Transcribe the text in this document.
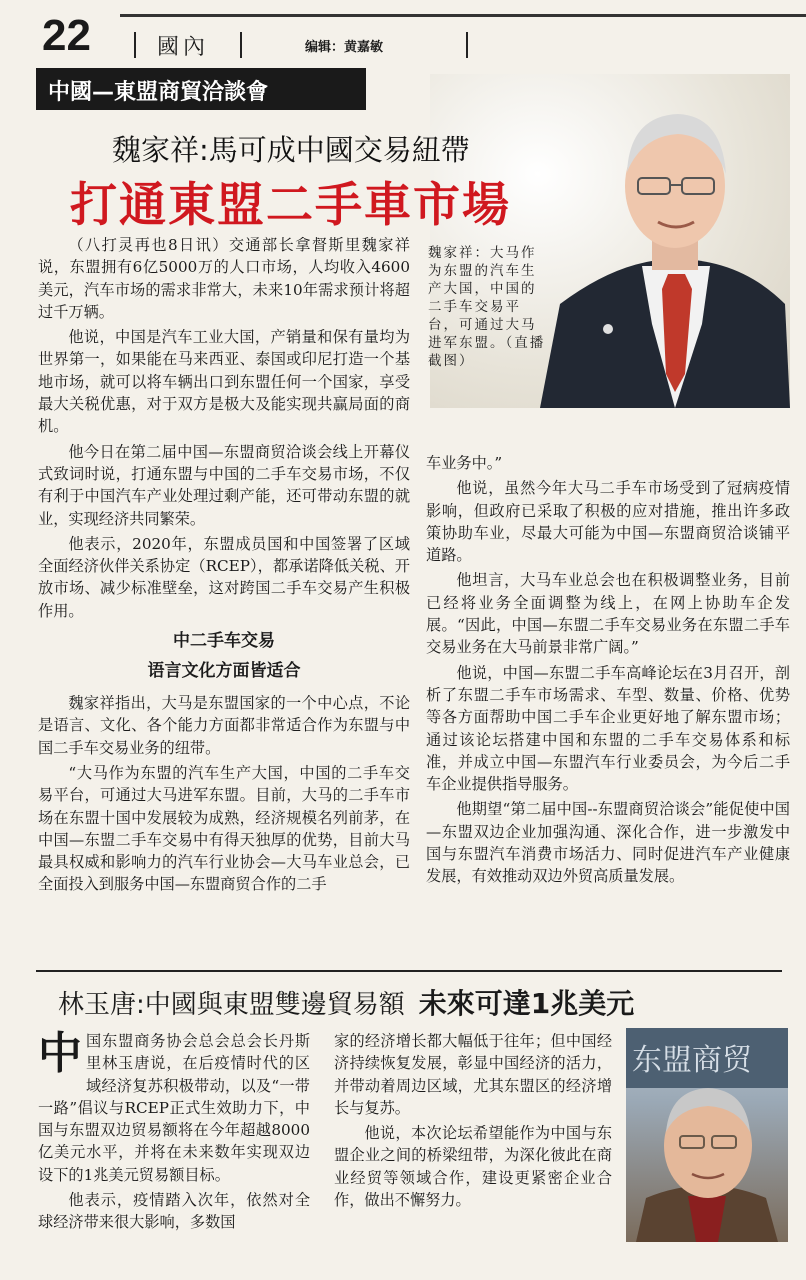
22	國內	编辑：黄嘉敏
中國—東盟商貿洽談會
魏家祥：大马作为东盟的汽车生产大国，中国的二手车交易平台，可通过大马进军东盟。（直播截图）
魏家祥:馬可成中國交易紐帶
打通東盟二手車市場

（八打灵再也8日讯）交通部长拿督斯里魏家祥说，东盟拥有6亿5000万的人口市场，人均收入4600美元，汽车市场的需求非常大，未来10年需求预计将超过千万辆。

他说，中国是汽车工业大国，产销量和保有量均为世界第一，如果能在马来西亚、泰国或印尼打造一个基地市场，就可以将车辆出口到东盟任何一个国家，享受最大关税优惠，对于双方是极大及能实现共赢局面的商机。

他今日在第二届中国—东盟商贸洽谈会线上开幕仪式致词时说，打通东盟与中国的二手车交易市场，不仅有利于中国汽车产业处理过剩产能，还可带动东盟的就业，实现经济共同繁荣。

他表示，2020年，东盟成员国和中国签署了区域全面经济伙伴关系协定（RCEP），都承诺降低关税、开放市场、减少标准壁垒，这对跨国二手车交易产生积极作用。

中二手车交易
语言文化方面皆适合

魏家祥指出，大马是东盟国家的一个中心点，不论是语言、文化、各个能力方面都非常适合作为东盟与中国二手车交易业务的纽带。

“大马作为东盟的汽车生产大国，中国的二手车交易平台，可通过大马进军东盟。目前，大马的二手车市场在东盟十国中发展较为成熟，经济规模名列前茅，在中国—东盟二手车交易中有得天独厚的优势，目前大马最具权威和影响力的汽车行业协会—大马车业总会，已全面投入到服务中国—东盟商贸合作的二手

车业务中。”

他说，虽然今年大马二手车市场受到了冠病疫情影响，但政府已采取了积极的应对措施，推出许多政策协助车业，尽最大可能为中国—东盟商贸洽谈铺平道路。

他坦言，大马车业总会也在积极调整业务，目前已经将业务全面调整为线上，在网上协助车企发展。“因此，中国—东盟二手车交易业务在东盟二手车交易业务在大马前景非常广阔。”

他说，中国—东盟二手车高峰论坛在3月召开，剖析了东盟二手车市场需求、车型、数量、价格、优势等各方面帮助中国二手车企业更好地了解东盟市场；通过该论坛搭建中国和东盟的二手车交易体系和标准，并成立中国—东盟汽车行业委员会，为今后二手车企业提供指导服务。

他期望“第二届中国--东盟商贸洽谈会”能促使中国—东盟双边企业加强沟通、深化合作，进一步激发中国与东盟汽车消费市场活力、同时促进汽车产业健康发展，有效推动双边外贸高质量发展。

林玉唐:中國與東盟雙邊貿易額 未來可達1兆美元

中国东盟商务协会总会总会长丹斯里林玉唐说，在后疫情时代的区域经济复苏积极带动，以及“一带一路”倡议与RCEP正式生效助力下，中国与东盟双边贸易额将在今年超越8000亿美元水平，并将在未来数年实现双边设下的1兆美元贸易额目标。

他表示，疫情踏入次年，依然对全球经济带来很大影响，多数国

家的经济增长都大幅低于往年；但中国经济持续恢复发展，彰显中国经济的活力，并带动着周边区域，尤其东盟区的经济增长与复苏。

他说，本次论坛希望能作为中国与东盟企业之间的桥梁纽带，为深化彼此在商业经贸等领域合作，建设更紧密企业合作，做出不懈努力。

东盟商贸
